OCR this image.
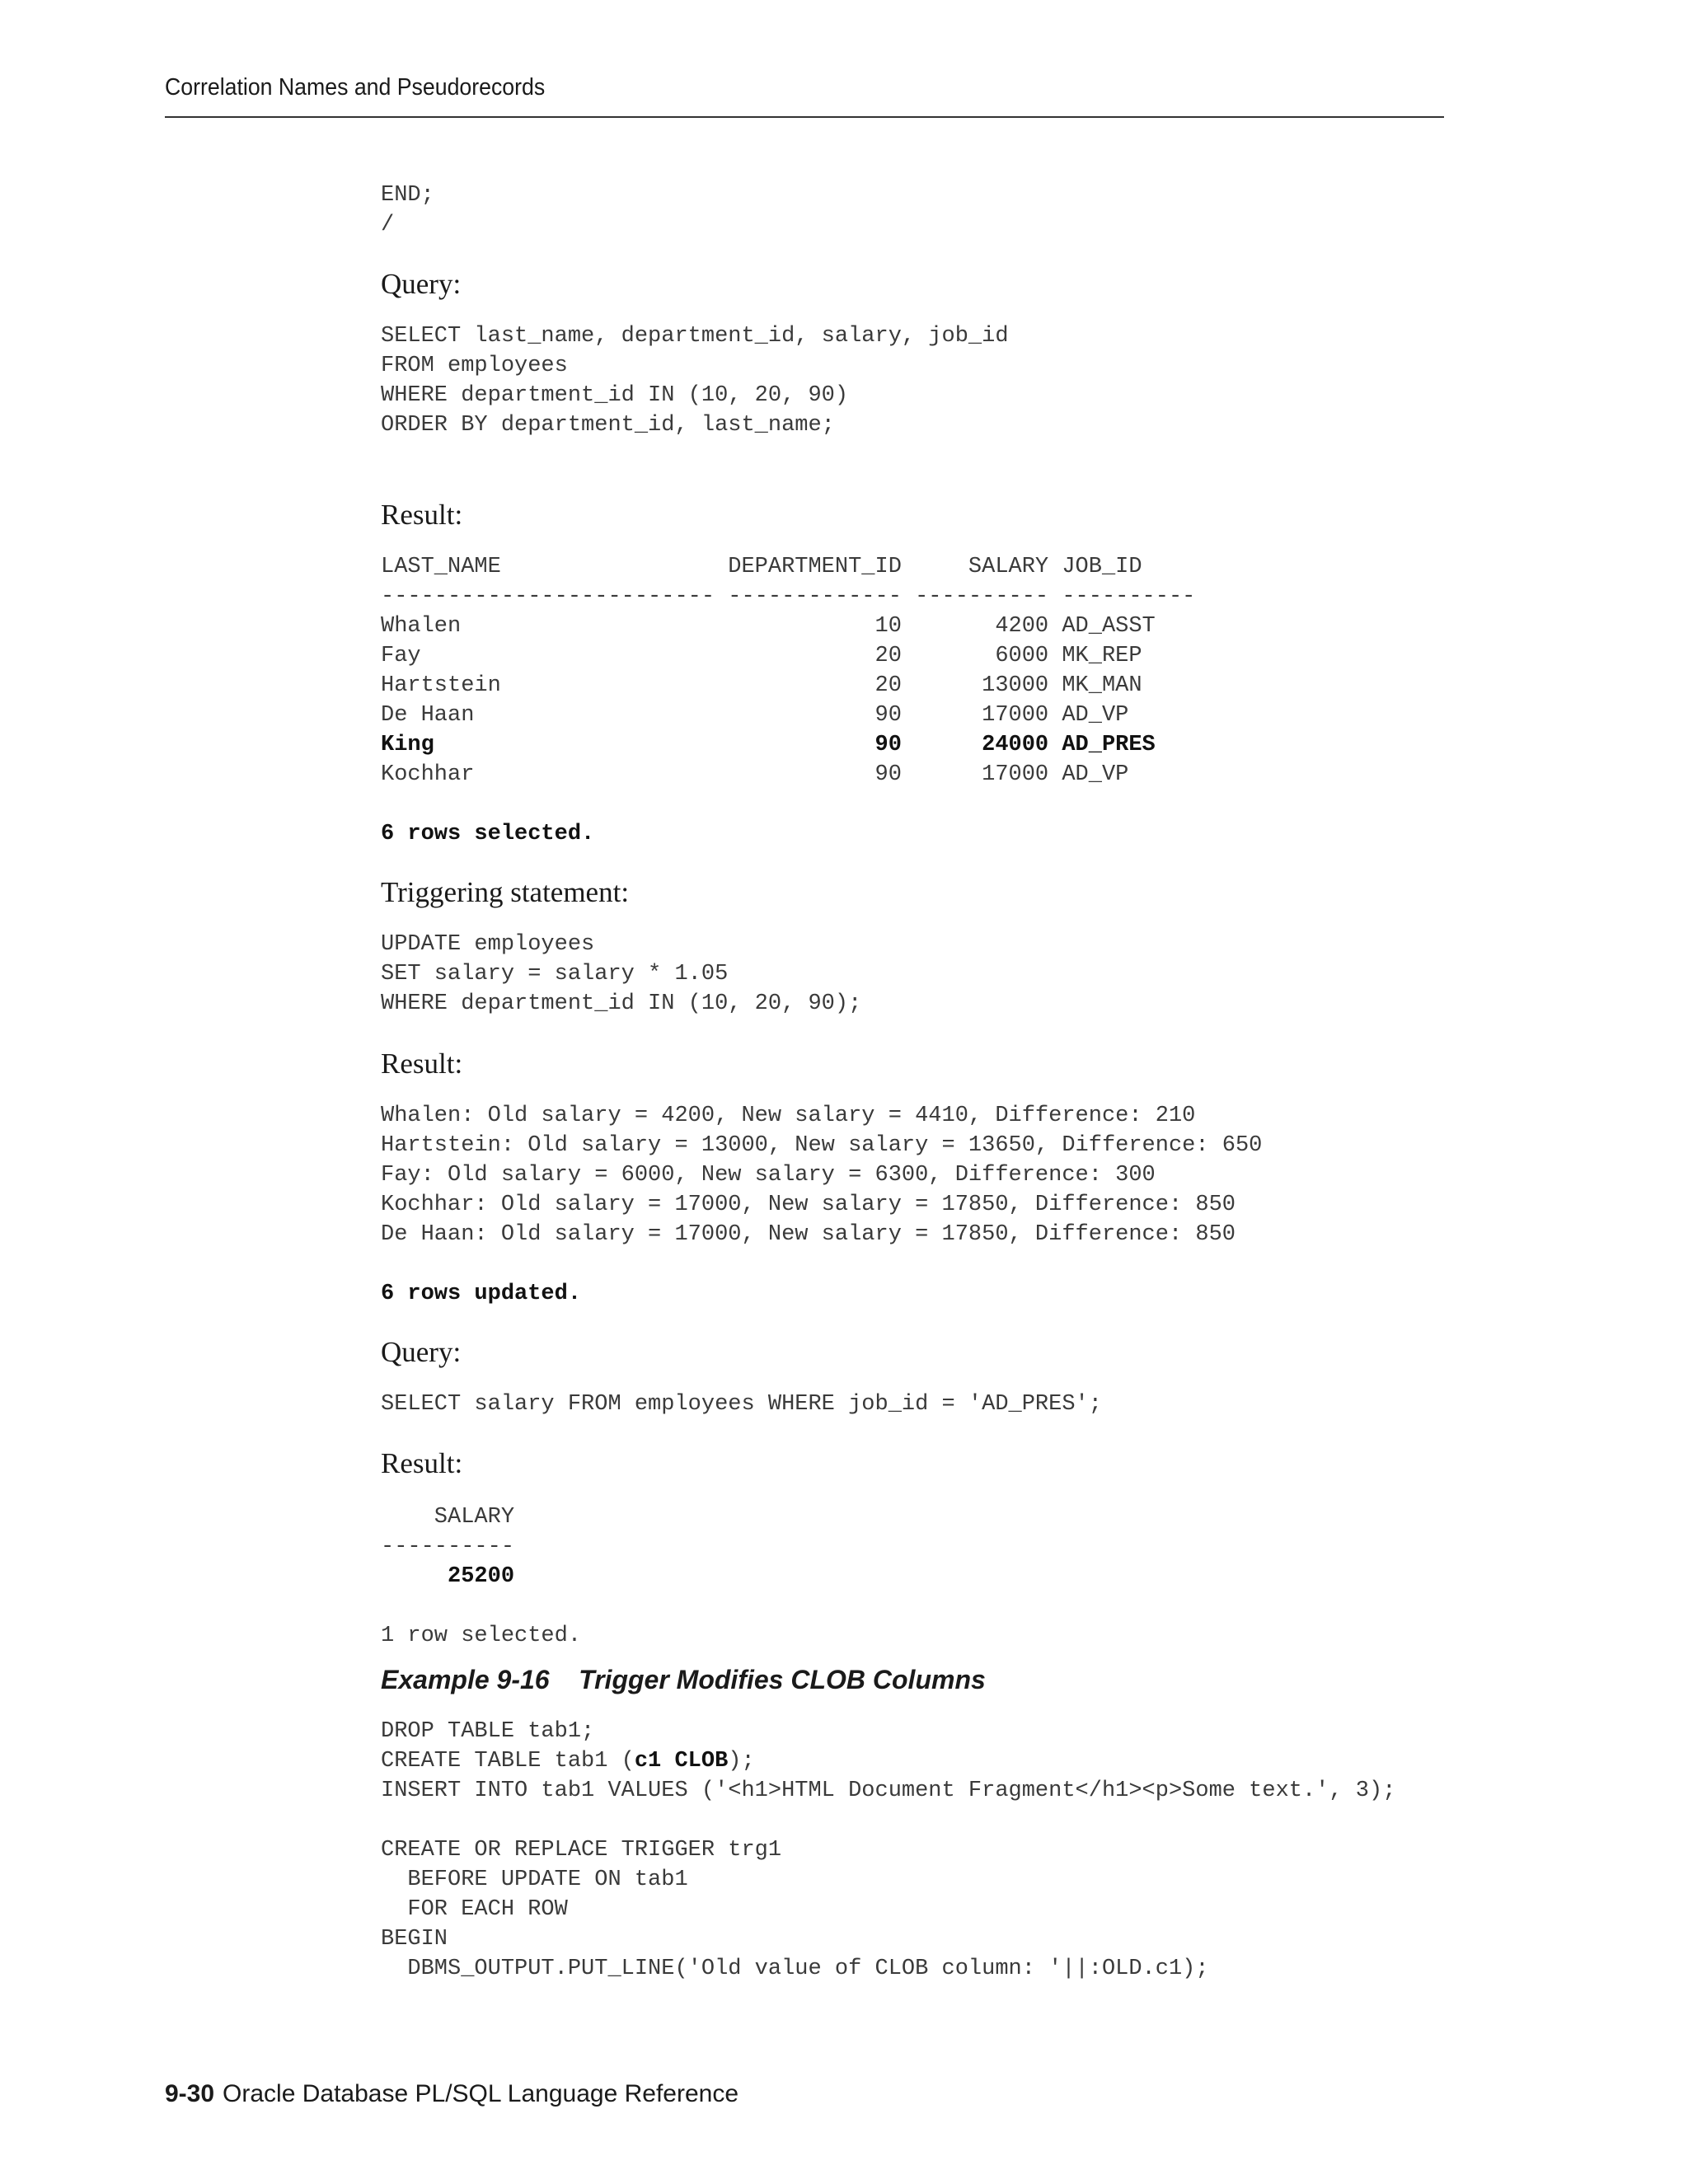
Correlation Names and Pseudorecords
END;
/
Query:
SELECT last_name, department_id, salary, job_id
FROM employees
WHERE department_id IN (10, 20, 90)
ORDER BY department_id, last_name;
Result:
LAST_NAME                 DEPARTMENT_ID     SALARY JOB_ID
------------------------- ------------- ---------- ----------
Whalen                               10       4200 AD_ASST
Fay                                  20       6000 MK_REP
Hartstein                            20      13000 MK_MAN
De Haan                              90      17000 AD_VP
King                                 90      24000 AD_PRES
Kochhar                              90      17000 AD_VP
6 rows selected.
Triggering statement:
UPDATE employees
SET salary = salary * 1.05
WHERE department_id IN (10, 20, 90);
Result:
Whalen: Old salary = 4200, New salary = 4410, Difference: 210
Hartstein: Old salary = 13000, New salary = 13650, Difference: 650
Fay: Old salary = 6000, New salary = 6300, Difference: 300
Kochhar: Old salary = 17000, New salary = 17850, Difference: 850
De Haan: Old salary = 17000, New salary = 17850, Difference: 850
6 rows updated.
Query:
SELECT salary FROM employees WHERE job_id = 'AD_PRES';
Result:
SALARY
----------
25200

1 row selected.
Example 9-16 Trigger Modifies CLOB Columns
DROP TABLE tab1;
CREATE TABLE tab1 (c1 CLOB);
INSERT INTO tab1 VALUES ('<h1>HTML Document Fragment</h1><p>Some text.', 3);
CREATE OR REPLACE TRIGGER trg1
BEFORE UPDATE ON tab1
FOR EACH ROW
BEGIN
DBMS_OUTPUT.PUT_LINE('Old value of CLOB column: '||:OLD.c1);
9-30 Oracle Database PL/SQL Language Reference
